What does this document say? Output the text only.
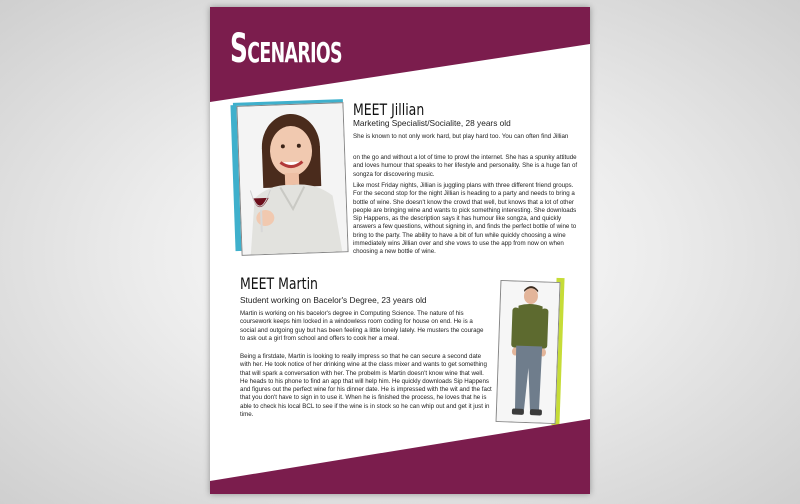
Scenarios
MEET Jillian
Marketing Specialist/Socialite, 28 years old
She is known to not only work hard, but play hard too. You can often find Jillian
on the go and without a lot of time to prowl the internet. She has a spunky attitude and loves humour that speaks to her lifestyle and personality. She is a huge fan of songza for discovering music.
Like most Friday nights, Jillian is juggling plans with three different friend groups. For the second stop for the night Jillian is heading to a party and needs to bring a bottle of wine. She doesn't know the crowd that well, but knows that a lot of other people are bringing wine and wants to pick something interesting. She downloads Sip Happens, as the description says it has humour like songza, and quickly answers a few questions, without signing in, and finds the perfect bottle of wine to bring to the party. The ability to have a bit of fun while quickly choosing a wine immediately wins Jillian over and she vows to use the app from now on when choosing a new bottle of wine.
MEET Martin
Student working on Bacelor's Degree, 23 years old
Martin is working on his bacelor's degree in Computing Science. The nature of his coursework keeps him locked in a windowless room coding for house on end. He is a social and outgoing guy but has been feeling a little lonely lately. He musters the courage to ask out a girl from school and offers to cook her a meal.
Being a firstdate, Martin is looking to really impress so that he can secure a second date with her. He took notice of her drinking wine at the class mixer and wants to get something that will spark a conversation with her. The probelm is Martin doesn't know wine that well. He heads to his phone to find an app that will help him. He quickly downloads Sip Happens and figures out the perfect wine for his dinner date. He is impressed with the wit and the fact that you don't have to sign in to use it. When he is finished the process, he loves that he is able to check his local BCL to see if the wine is in stock so he can whip out and get it just in time.
